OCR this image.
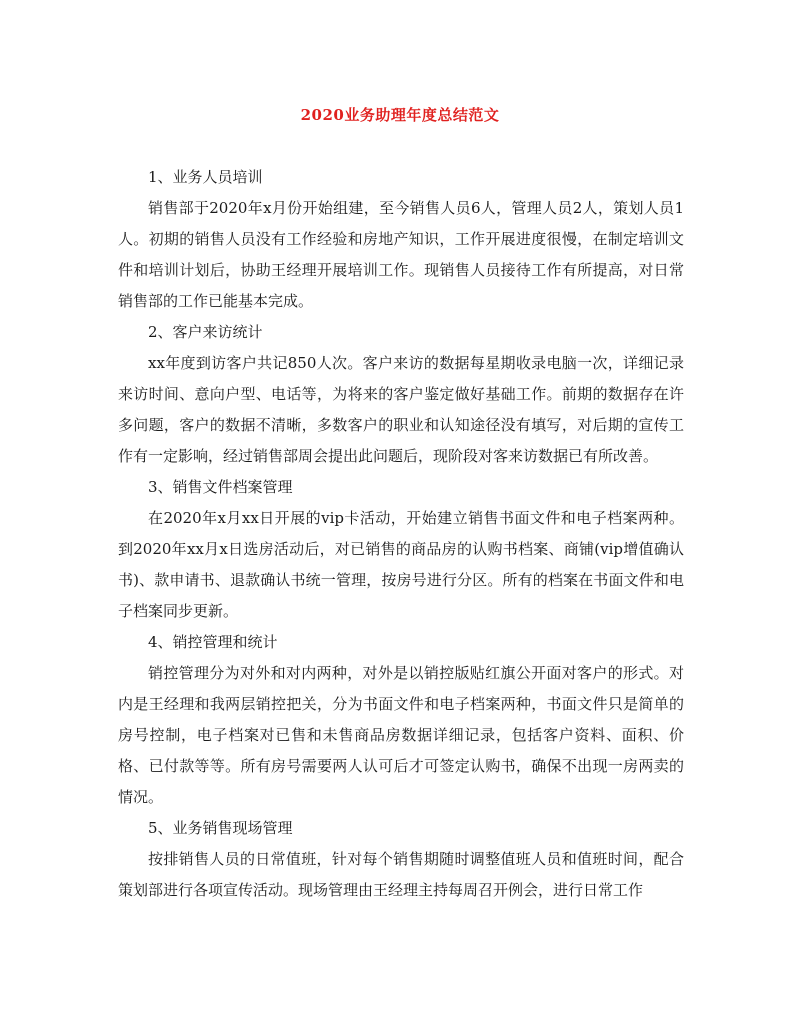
2020业务助理年度总结范文

1、业务人员培训

销售部于2020年x月份开始组建，至今销售人员6人，管理人员2人，策划人员1人。初期的销售人员没有工作经验和房地产知识，工作开展进度很慢，在制定培训文件和培训计划后，协助王经理开展培训工作。现销售人员接待工作有所提高，对日常销售部的工作已能基本完成。

2、客户来访统计

xx年度到访客户共记850人次。客户来访的数据每星期收录电脑一次，详细记录来访时间、意向户型、电话等，为将来的客户鉴定做好基础工作。前期的数据存在许多问题，客户的数据不清晰，多数客户的职业和认知途径没有填写，对后期的宣传工作有一定影响，经过销售部周会提出此问题后，现阶段对客来访数据已有所改善。

3、销售文件档案管理

在2020年x月xx日开展的vip卡活动，开始建立销售书面文件和电子档案两种。到2020年xx月x日选房活动后，对已销售的商品房的认购书档案、商铺(vip增值确认书)、款申请书、退款确认书统一管理，按房号进行分区。所有的档案在书面文件和电子档案同步更新。

4、销控管理和统计

销控管理分为对外和对内两种，对外是以销控版贴红旗公开面对客户的形式。对内是王经理和我两层销控把关，分为书面文件和电子档案两种，书面文件只是简单的房号控制，电子档案对已售和未售商品房数据详细记录，包括客户资料、面积、价格、已付款等等。所有房号需要两人认可后才可签定认购书，确保不出现一房两卖的情况。

5、业务销售现场管理

按排销售人员的日常值班，针对每个销售期随时调整值班人员和值班时间，配合策划部进行各项宣传活动。现场管理由王经理主持每周召开例会，进行日常工作
